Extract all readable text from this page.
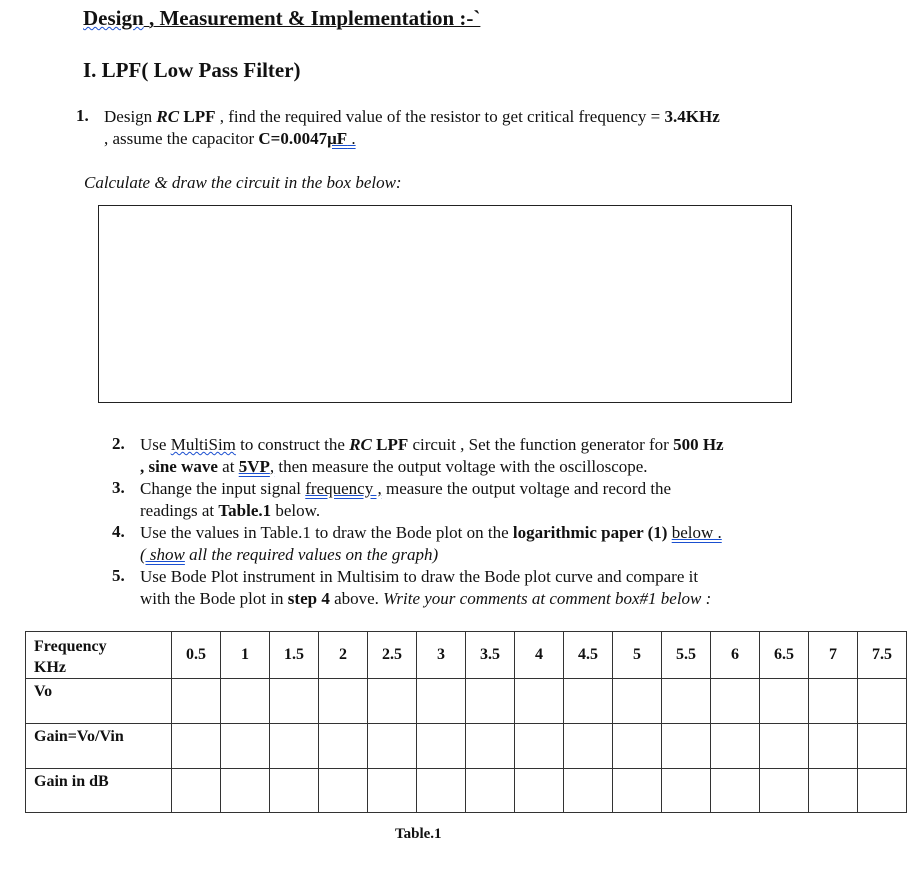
Design , Measurement & Implementation :-`
I. LPF( Low Pass Filter)
1. Design RC LPF , find the required value of the resistor to get critical frequency = 3.4KHz
, assume the capacitor C=0.0047μF .
Calculate & draw the circuit in the box below:
2. Use MultiSim to construct the RC LPF circuit , Set the function generator for 500 Hz
, sine wave at 5VP, then measure the output voltage with the oscilloscope.
3. Change the input signal frequency , measure the output voltage and record the
readings at Table.1 below.
4. Use the values in Table.1 to draw the Bode plot on the logarithmic paper (1) below .
( show all the required values on the graph)
5. Use Bode Plot instrument in Multisim to draw the Bode plot curve and compare it
with the Bode plot in step 4 above. Write your comments at comment box#1 below :
Frequency
KHz	0.5	1	1.5	2	2.5	3	3.5	4	4.5	5	5.5	6	6.5	7	7.5
Vo															
Gain=Vo/Vin															
Gain in dB															
Table.1
